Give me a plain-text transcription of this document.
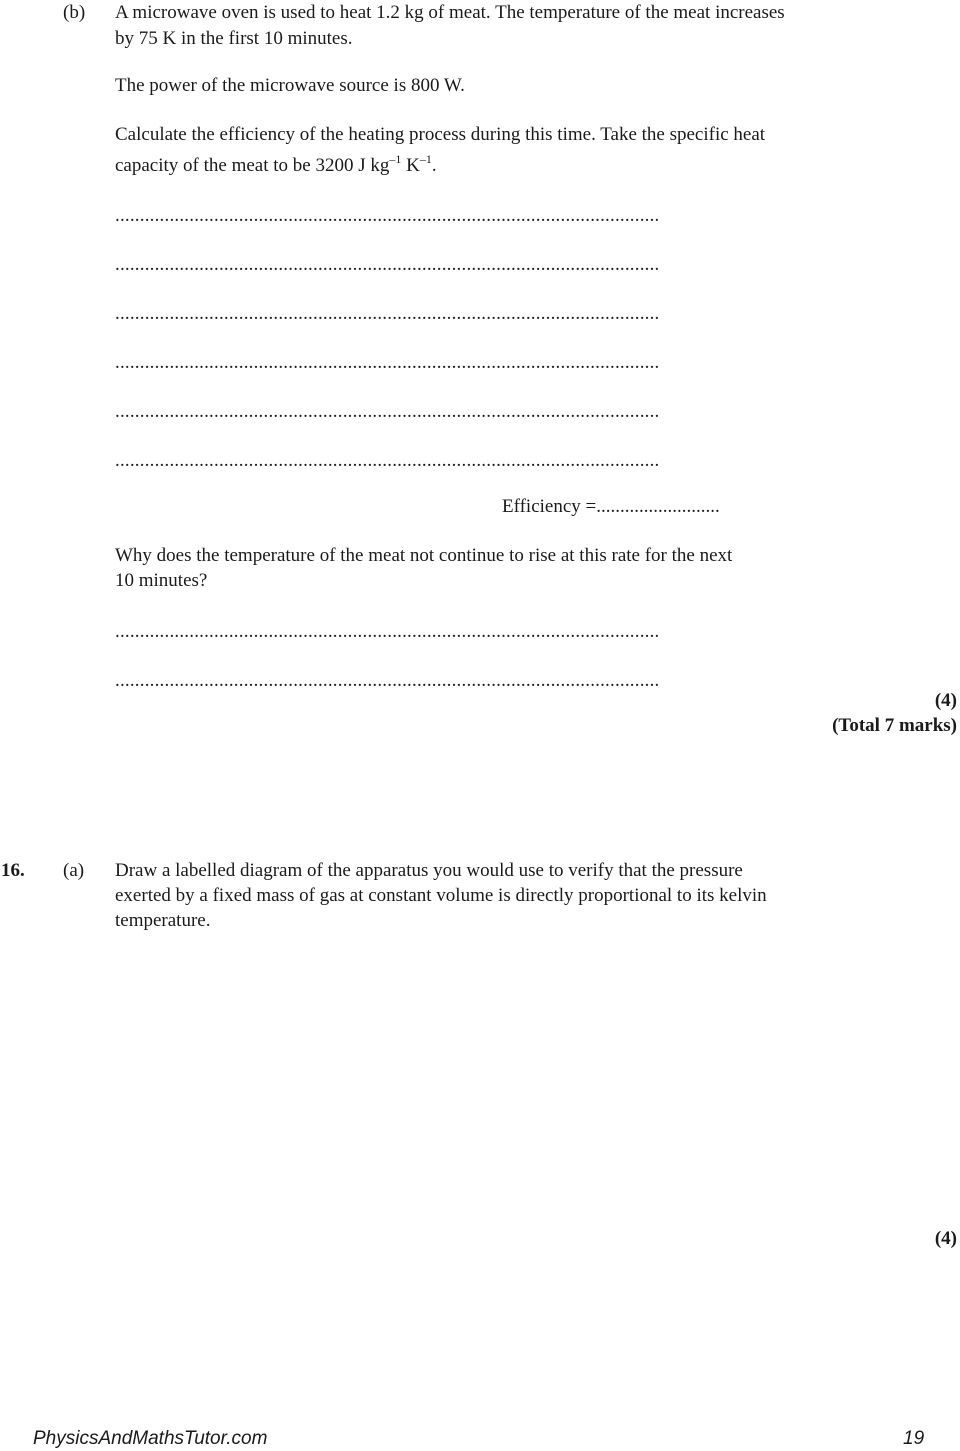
(b) A microwave oven is used to heat 1.2 kg of meat. The temperature of the meat increases
by 75 K in the first 10 minutes.
The power of the microwave source is 800 W.
Calculate the efficiency of the heating process during this time. Take the specific heat
capacity of the meat to be 3200 J $kg^{-1}$ $K^{-1}$.
..............................................................................................................
..............................................................................................................
..............................................................................................................
..............................................................................................................
..............................................................................................................
..............................................................................................................
Efficiency =..........................
Why does the temperature of the meat not continue to rise at this rate for the next
10 minutes?
..............................................................................................................
..............................................................................................................
(4)
(Total 7 marks)
16. (a) Draw a labelled diagram of the apparatus you would use to verify that the pressure
exerted by a fixed mass of gas at constant volume is directly proportional to its kelvin
temperature.
(4)
PhysicsAndMathsTutor.com	19
